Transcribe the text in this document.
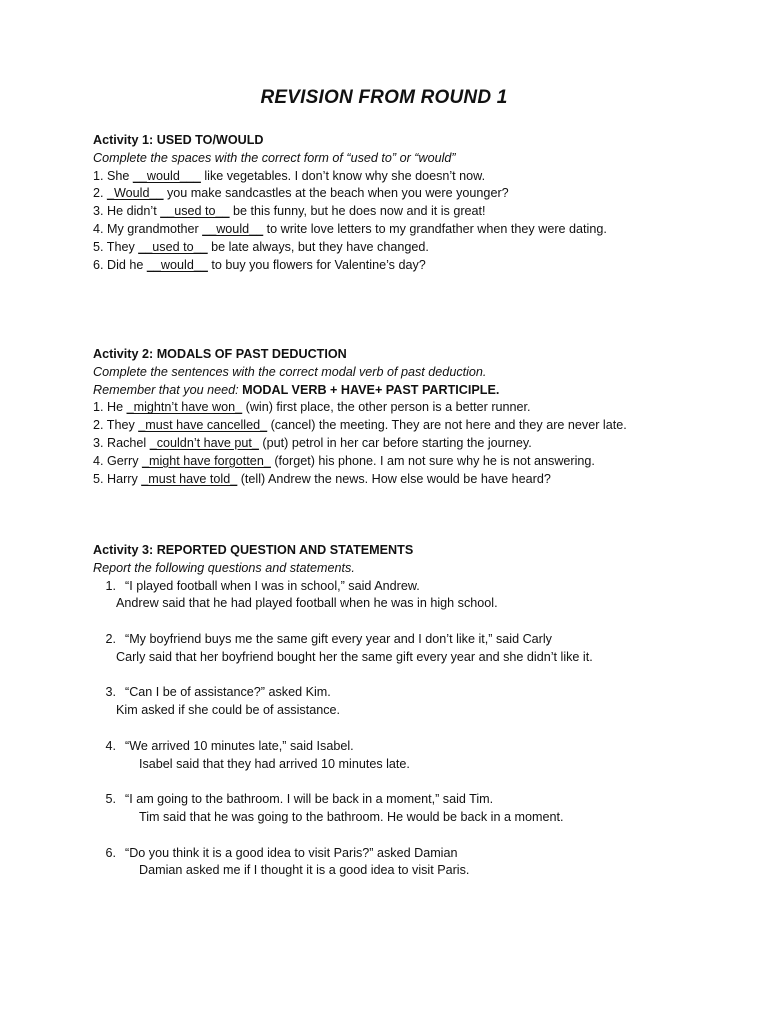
REVISION FROM ROUND 1
Activity 1: USED TO/WOULD
Complete the spaces with the correct form of “used to” or “would”
1. She __would___ like vegetables. I don’t know why she doesn’t now.
2. _Would__ you make sandcastles at the beach when you were younger?
3. He didn’t __used to__ be this funny, but he does now and it is great!
4. My grandmother __would__ to write love letters to my grandfather when they were dating.
5. They __used to__ be late always, but they have changed.
6. Did he __would__ to buy you flowers for Valentine’s day?
Activity 2: MODALS OF PAST DEDUCTION
Complete the sentences with the correct modal verb of past deduction.
Remember that you need: MODAL VERB + HAVE+ PAST PARTICIPLE.
1. He _mightn’t have won_ (win) first place, the other person is a better runner.
2. They _must have cancelled_ (cancel) the meeting. They are not here and they are never late.
3. Rachel _couldn’t have put_ (put) petrol in her car before starting the journey.
4. Gerry _might have forgotten_ (forget) his phone. I am not sure why he is not answering.
5. Harry _must have told_ (tell) Andrew the news. How else would be have heard?
Activity 3: REPORTED QUESTION AND STATEMENTS
Report the following questions and statements.
1. “I played football when I was in school,” said Andrew.
Andrew said that he had played football when he was in high school.
2. “My boyfriend buys me the same gift every year and I don’t like it,” said Carly
Carly said that her boyfriend bought her the same gift every year and she didn’t like it.
3. “Can I be of assistance?” asked Kim.
Kim asked if she could be of assistance.
4. “We arrived 10 minutes late,” said Isabel.
Isabel said that they had arrived 10 minutes late.
5. “I am going to the bathroom. I will be back in a moment,” said Tim.
Tim said that he was going to the bathroom. He would be back in a moment.
6. “Do you think it is a good idea to visit Paris?” asked Damian
Damian asked me if I thought it is a good idea to visit Paris.
